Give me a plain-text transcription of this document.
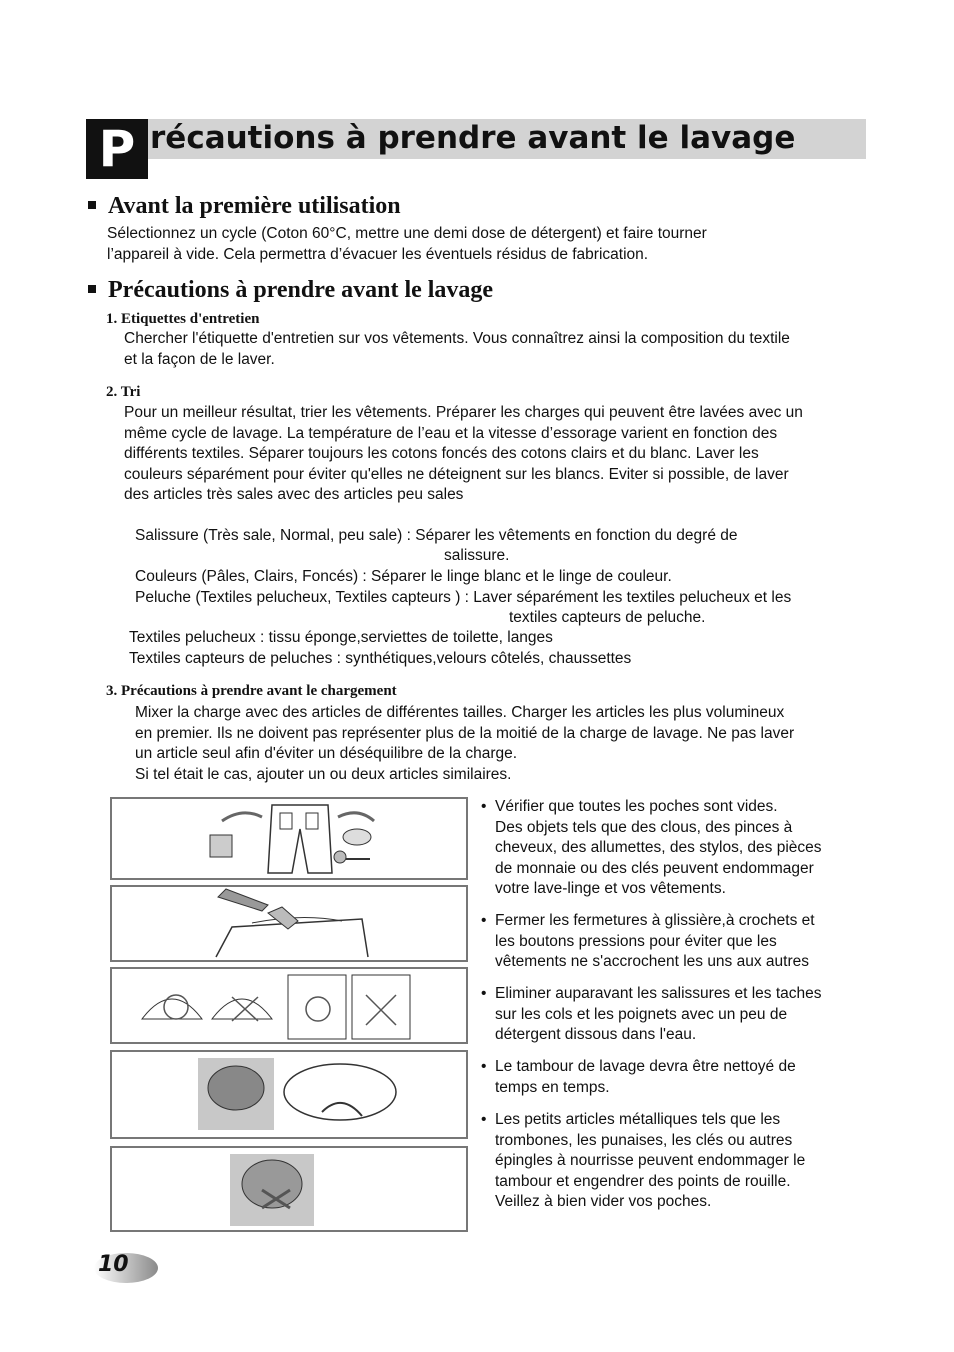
P récautions à prendre avant le lavage
Avant la première utilisation
Sélectionnez un cycle (Coton 60°C, mettre une demi dose de détergent) et faire tourner
l’appareil à vide. Cela permettra d’évacuer les éventuels résidus de fabrication.
Précautions à prendre avant le lavage
1. Etiquettes d'entretien
Chercher l'étiquette d'entretien sur vos vêtements. Vous connaîtrez ainsi la composition du textile
et la façon de le laver.
2. Tri
Pour un meilleur résultat, trier les vêtements. Préparer les charges qui peuvent être lavées avec un
même cycle de lavage. La température de l’eau et la vitesse d’essorage varient en fonction des
différents textiles. Séparer toujours les cotons foncés des cotons clairs et du blanc. Laver les
couleurs séparément pour éviter qu'elles ne déteignent sur les blancs. Eviter si possible, de laver
des articles très sales avec des articles peu sales
Salissure (Très sale, Normal, peu sale) : Séparer les vêtements en fonction du degré de
salissure.
Couleurs (Pâles, Clairs, Foncés) : Séparer le linge blanc et le linge de couleur.
Peluche (Textiles pelucheux, Textiles capteurs ) : Laver séparément les textiles pelucheux et les
textiles capteurs de peluche.
Textiles pelucheux : tissu éponge,serviettes de toilette, langes
Textiles capteurs de peluches : synthétiques,velours côtelés, chaussettes
3. Précautions à prendre avant le chargement
Mixer la charge avec des articles de différentes tailles. Charger les articles les plus volumineux
en premier. Ils ne doivent pas représenter plus de la moitié de la charge de lavage. Ne pas laver
un article seul afin d'éviter un déséquilibre de la charge.
Si tel était le cas, ajouter un ou deux articles similaires.
• Vérifier que toutes les poches sont vides.
Des objets tels que des clous, des pinces à
cheveux, des allumettes, des stylos, des pièces
de monnaie ou des clés peuvent endommager
votre lave-linge et vos vêtements.
• Fermer les fermetures à glissière,à crochets et
les boutons pressions pour éviter que les
vêtements ne s'accrochent les uns aux autres
• Eliminer auparavant les salissures et les taches
sur les cols et les poignets avec un peu de
détergent dissous dans l'eau.
• Le tambour de lavage devra être nettoyé de
temps en temps.
• Les petits articles métalliques tels que les
trombones, les punaises, les clés ou autres
épingles à nourrisse peuvent endommager le
tambour et engendrer des points de rouille.
Veillez à bien vider vos poches.
10
